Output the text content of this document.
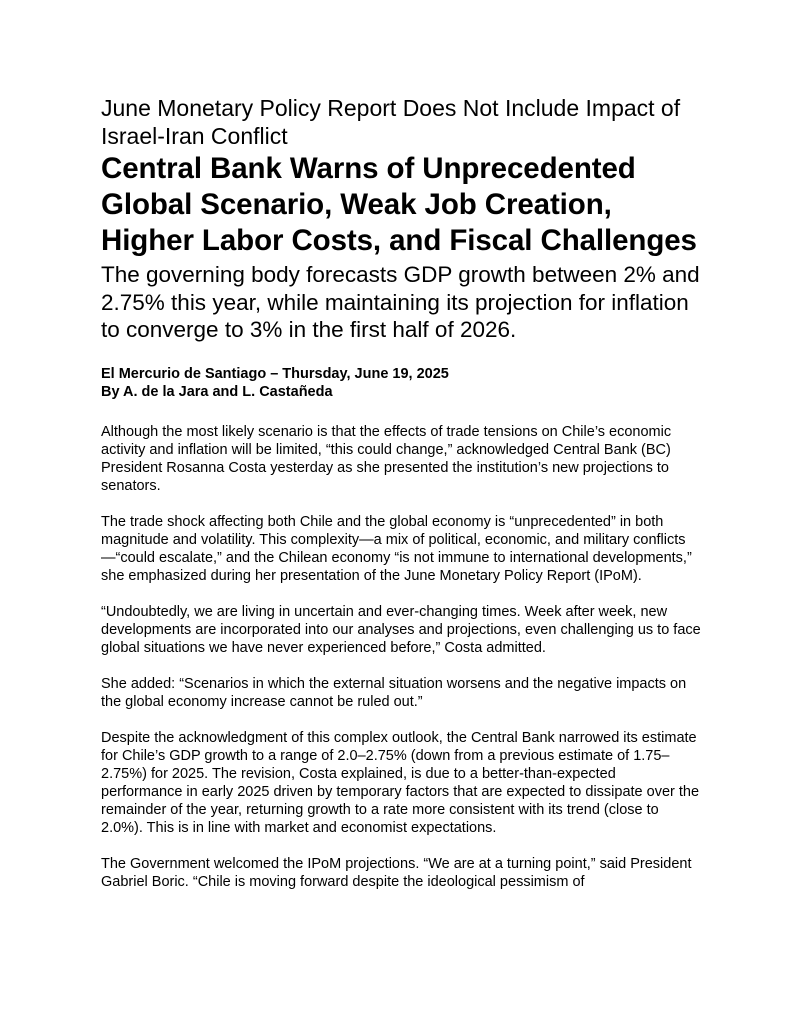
June Monetary Policy Report Does Not Include Impact of Israel-Iran Conflict
Central Bank Warns of Unprecedented Global Scenario, Weak Job Creation, Higher Labor Costs, and Fiscal Challenges
The governing body forecasts GDP growth between 2% and 2.75% this year, while maintaining its projection for inflation to converge to 3% in the first half of 2026.
El Mercurio de Santiago – Thursday, June 19, 2025
By A. de la Jara and L. Castañeda

Although the most likely scenario is that the effects of trade tensions on Chile’s economic activity and inflation will be limited, “this could change,” acknowledged Central Bank (BC) President Rosanna Costa yesterday as she presented the institution’s new projections to senators.

The trade shock affecting both Chile and the global economy is “unprecedented” in both magnitude and volatility. This complexity—a mix of political, economic, and military conflicts—“could escalate,” and the Chilean economy “is not immune to international developments,” she emphasized during her presentation of the June Monetary Policy Report (IPoM).

“Undoubtedly, we are living in uncertain and ever-changing times. Week after week, new developments are incorporated into our analyses and projections, even challenging us to face global situations we have never experienced before,” Costa admitted.

She added: “Scenarios in which the external situation worsens and the negative impacts on the global economy increase cannot be ruled out.”

Despite the acknowledgment of this complex outlook, the Central Bank narrowed its estimate for Chile’s GDP growth to a range of 2.0–2.75% (down from a previous estimate of 1.75–2.75%) for 2025. The revision, Costa explained, is due to a better-than-expected performance in early 2025 driven by temporary factors that are expected to dissipate over the remainder of the year, returning growth to a rate more consistent with its trend (close to 2.0%). This is in line with market and economist expectations.

The Government welcomed the IPoM projections. “We are at a turning point,” said President Gabriel Boric. “Chile is moving forward despite the ideological pessimism of
